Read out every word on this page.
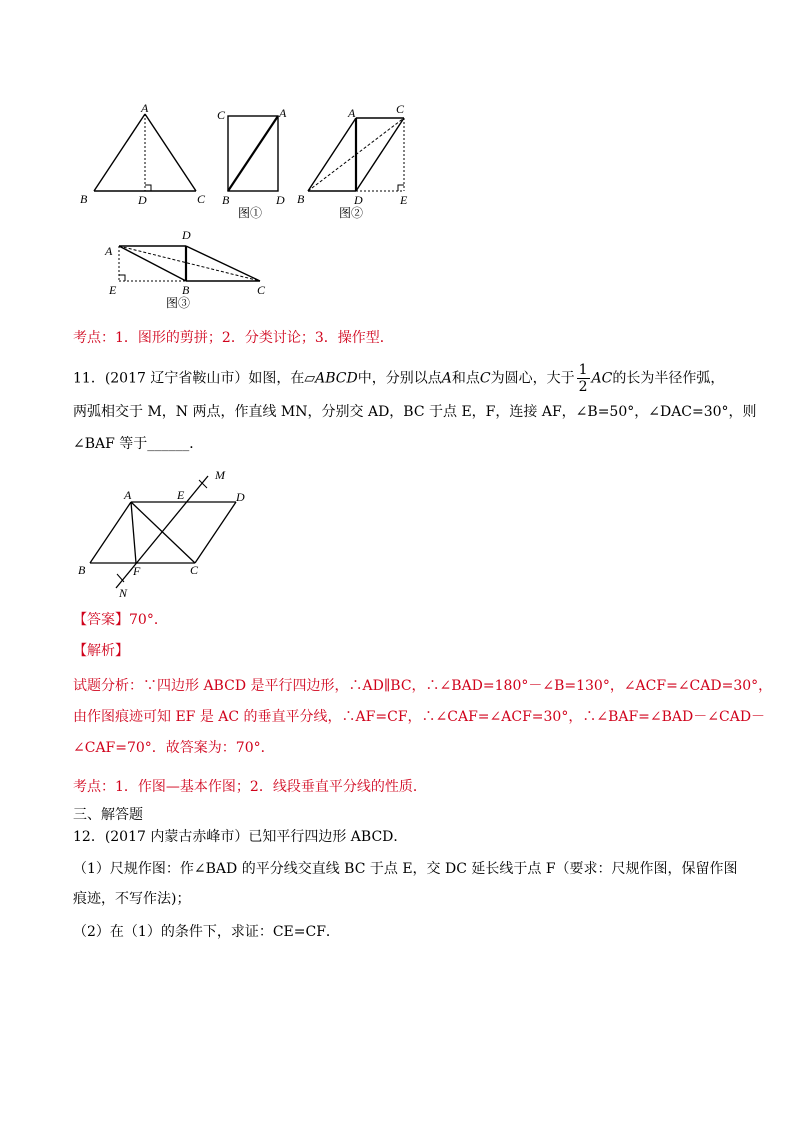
A
B	D	C
C	A
B	D
图①
A	C
B	D	E
图②
D
A
E	B	C
图③
考点：1．图形的剪拼；2．分类讨论；3．操作型．
11．(2017 辽宁省鞍山市）如图，在▱ABCD中，分别以点A和点C为圆心，大于 $\frac{1}{2}$ AC的长为半径作弧，
两弧相交于 M，N 两点，作直线 MN，分别交 AD，BC 于点 E，F，连接 AF，∠B=50°，∠DAC=30°，则
∠BAF 等于______．
M
A	E	D
B	F	C
N
【答案】70°．
【解析】
试题分析：∵四边形 ABCD 是平行四边形，∴AD∥BC，∴∠BAD=180°－∠B=130°，∠ACF=∠CAD=30°，
由作图痕迹可知 EF 是 AC 的垂直平分线，∴AF=CF，∴∠CAF=∠ACF=30°，∴∠BAF=∠BAD－∠CAD－
∠CAF=70°．故答案为：70°．
考点：1．作图—基本作图；2．线段垂直平分线的性质．
三、解答题
12．(2017 内蒙古赤峰市）已知平行四边形 ABCD．
（1）尺规作图：作∠BAD 的平分线交直线 BC 于点 E，交 DC 延长线于点 F（要求：尺规作图，保留作图
痕迹，不写作法)；
（2）在（1）的条件下，求证：CE=CF．
